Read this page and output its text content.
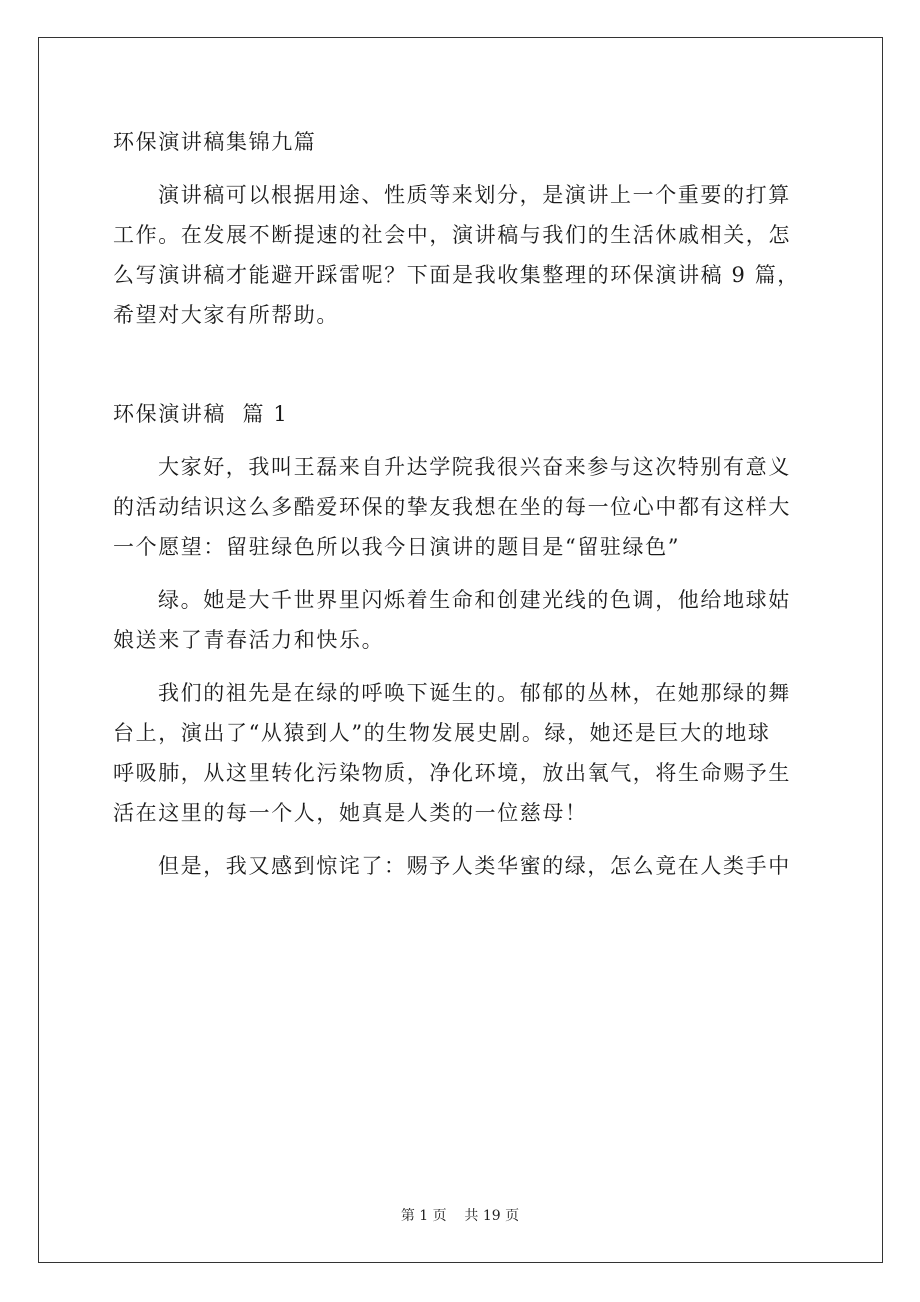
环保演讲稿集锦九篇

演讲稿可以根据用途、性质等来划分，是演讲上一个重要的打算

工作。在发展不断提速的社会中，演讲稿与我们的生活休戚相关，怎

么写演讲稿才能避开踩雷呢？下面是我收集整理的环保演讲稿 9 篇，

希望对大家有所帮助。

环保演讲稿  篇 1

大家好，我叫王磊来自升达学院我很兴奋来参与这次特别有意义

的活动结识这么多酷爱环保的挚友我想在坐的每一位心中都有这样大

一个愿望：留驻绿色所以我今日演讲的题目是“留驻绿色”

绿。她是大千世界里闪烁着生命和创建光线的色调，他给地球姑

娘送来了青春活力和快乐。

我们的祖先是在绿的呼唤下诞生的。郁郁的丛林，在她那绿的舞

台上，演出了“从猿到人”的生物发展史剧。绿，她还是巨大的地球

呼吸肺，从这里转化污染物质，净化环境，放出氧气，将生命赐予生

活在这里的每一个人，她真是人类的一位慈母！

但是，我又感到惊诧了：赐予人类华蜜的绿，怎么竟在人类手中

第 1 页    共 19 页
